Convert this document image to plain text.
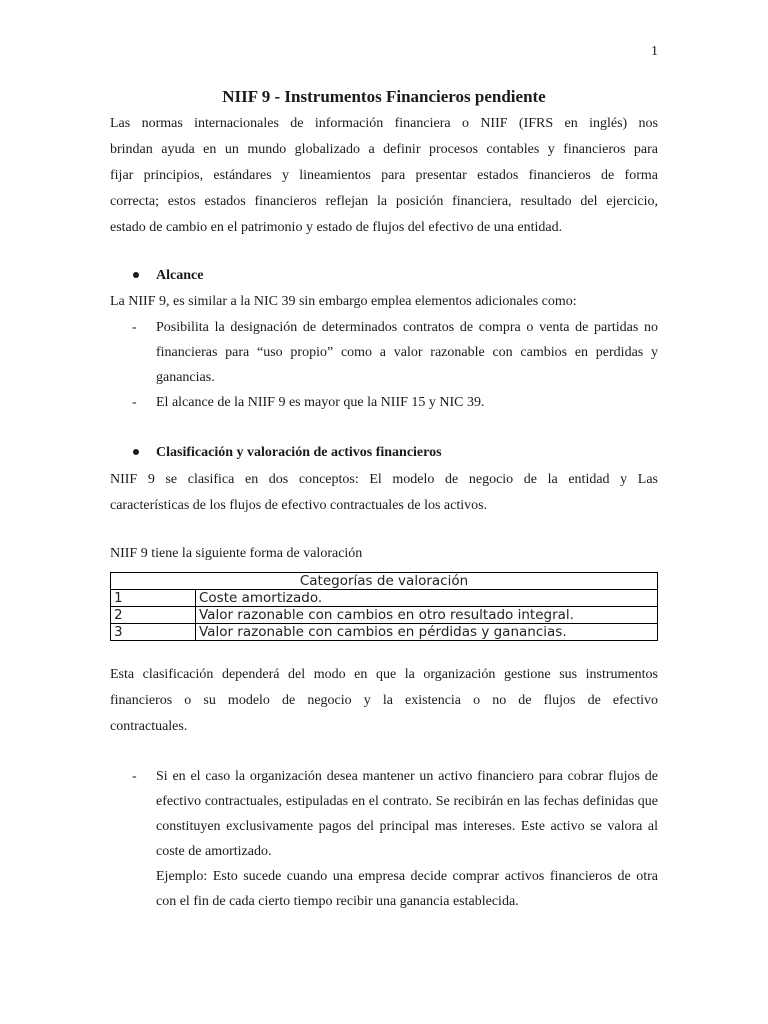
1
NIIF 9 - Instrumentos Financieros pendiente
Las normas internacionales de información financiera o NIIF (IFRS en inglés) nos
brindan ayuda en un mundo globalizado a definir procesos contables y financieros para
fijar principios, estándares y lineamientos para presentar estados financieros de forma
correcta; estos estados financieros reflejan la posición financiera, resultado del ejercicio,
estado de cambio en el patrimonio y estado de flujos del efectivo de una entidad.
Alcance
La NIIF 9, es similar a la NIC 39 sin embargo emplea elementos adicionales como:
- Posibilita la designación de determinados contratos de compra o venta de partidas no financieras para “uso propio” como a valor razonable con cambios en perdidas y ganancias.
- El alcance de la NIIF 9 es mayor que la NIIF 15 y NIC 39.
Clasificación y valoración de activos financieros
NIIF 9 se clasifica en dos conceptos: El modelo de negocio de la entidad y Las
características de los flujos de efectivo contractuales de los activos.
NIIF 9 tiene la siguiente forma de valoración
Categorías de valoración	
1	Coste amortizado.
2	Valor razonable con cambios en otro resultado integral.
3	Valor razonable con cambios en pérdidas y ganancias.
Esta clasificación dependerá del modo en que la organización gestione sus instrumentos
financieros o su modelo de negocio y la existencia o no de flujos de efectivo
contractuales.
- Si en el caso la organización desea mantener un activo financiero para cobrar flujos de efectivo contractuales, estipuladas en el contrato. Se recibirán en las fechas definidas que constituyen exclusivamente pagos del principal mas intereses. Este activo se valora al coste de amortizado.
Ejemplo: Esto sucede cuando una empresa decide comprar activos financieros de otra con el fin de cada cierto tiempo recibir una ganancia establecida.
